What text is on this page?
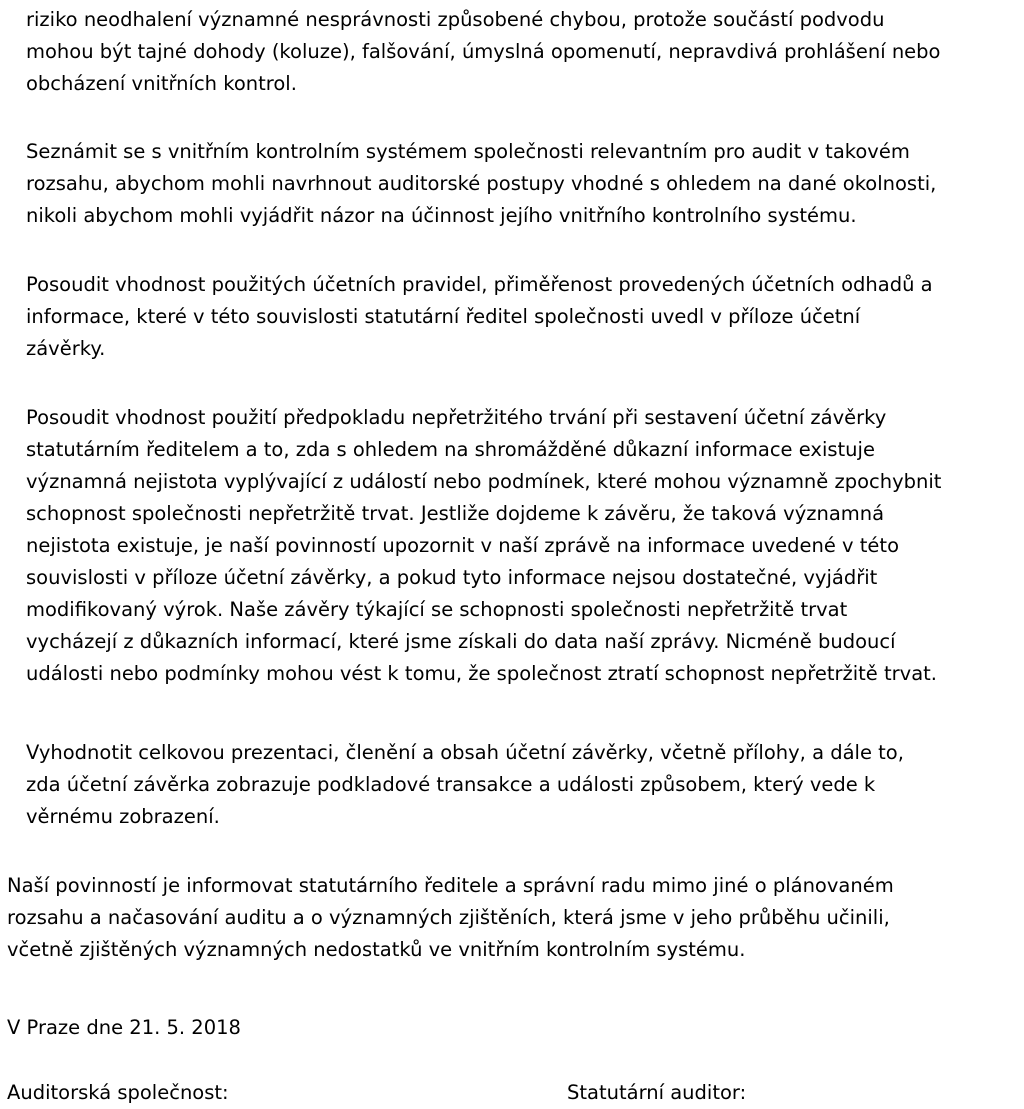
riziko neodhalení významné nesprávnosti způsobené chybou, protože součástí podvodu
mohou být tajné dohody (koluze), falšování, úmyslná opomenutí, nepravdivá prohlášení nebo
obcházení vnitřních kontrol.

Seznámit se s vnitřním kontrolním systémem společnosti relevantním pro audit v takovém
rozsahu, abychom mohli navrhnout auditorské postupy vhodné s ohledem na dané okolnosti,
nikoli abychom mohli vyjádřit názor na účinnost jejího vnitřního kontrolního systému.

Posoudit vhodnost použitých účetních pravidel, přiměřenost provedených účetních odhadů a
informace, které v této souvislosti statutární ředitel společnosti uvedl v příloze účetní
závěrky.

Posoudit vhodnost použití předpokladu nepřetržitého trvání při sestavení účetní závěrky
statutárním ředitelem a to, zda s ohledem na shromážděné důkazní informace existuje
významná nejistota vyplývající z událostí nebo podmínek, které mohou významně zpochybnit
schopnost společnosti nepřetržitě trvat. Jestliže dojdeme k závěru, že taková významná
nejistota existuje, je naší povinností upozornit v naší zprávě na informace uvedené v této
souvislosti v příloze účetní závěrky, a pokud tyto informace nejsou dostatečné, vyjádřit
modifikovaný výrok. Naše závěry týkající se schopnosti společnosti nepřetržitě trvat
vycházejí z důkazních informací, které jsme získali do data naší zprávy. Nicméně budoucí
události nebo podmínky mohou vést k tomu, že společnost ztratí schopnost nepřetržitě trvat.

Vyhodnotit celkovou prezentaci, členění a obsah účetní závěrky, včetně přílohy, a dále to,
zda účetní závěrka zobrazuje podkladové transakce a události způsobem, který vede k
věrnému zobrazení.

Naší povinností je informovat statutárního ředitele a správní radu mimo jiné o plánovaném
rozsahu a načasování auditu a o významných zjištěních, která jsme v jeho průběhu učinili,
včetně zjištěných významných nedostatků ve vnitřním kontrolním systému.

V Praze dne 21. 5. 2018

Auditorská společnost:	Statutární auditor:
